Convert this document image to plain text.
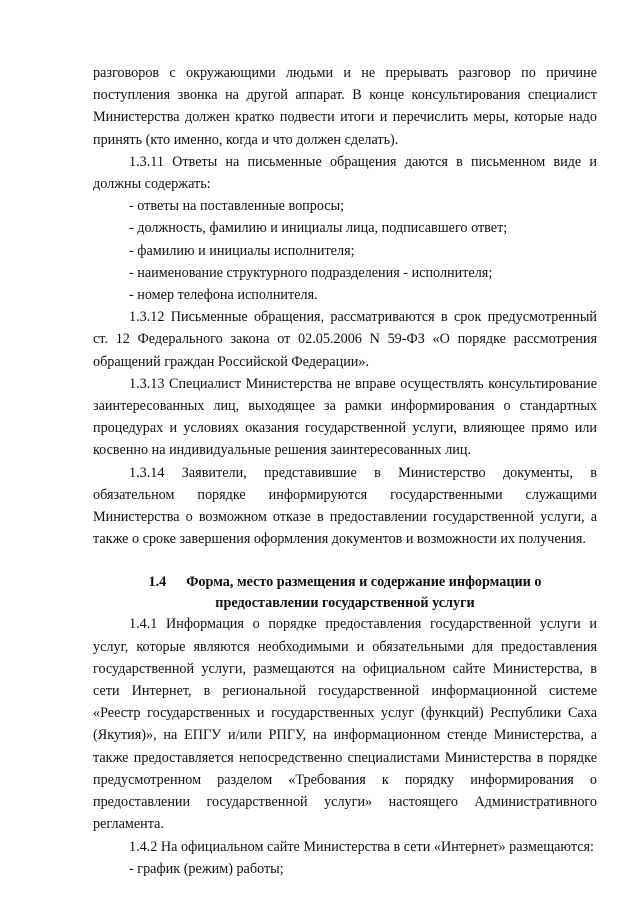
разговоров с окружающими людьми и не прерывать разговор по причине поступления звонка на другой аппарат. В конце консультирования специалист Министерства должен кратко подвести итоги и перечислить меры, которые надо принять (кто именно, когда и что должен сделать).

1.3.11 Ответы на письменные обращения даются в письменном виде и должны содержать:

- ответы на поставленные вопросы;

- должность, фамилию и инициалы лица, подписавшего ответ;

- фамилию и инициалы исполнителя;

- наименование структурного подразделения - исполнителя;

- номер телефона исполнителя.

1.3.12 Письменные обращения, рассматриваются в срок предусмотренный ст. 12 Федерального закона от 02.05.2006 N 59-ФЗ «О порядке рассмотрения обращений граждан Российской Федерации».

1.3.13 Специалист Министерства не вправе осуществлять консультирование заинтересованных лиц, выходящее за рамки информирования о стандартных процедурах и условиях оказания государственной услуги, влияющее прямо или косвенно на индивидуальные решения заинтересованных лиц.

1.3.14 Заявители, представившие в Министерство документы, в обязательном порядке информируются государственными служащими Министерства о возможном отказе в предоставлении государственной услуги, а также о сроке завершения оформления документов и возможности их получения.

1.4 Форма, место размещения и содержание информации о
предоставлении государственной услуги

1.4.1 Информация о порядке предоставления государственной услуги и услуг, которые являются необходимыми и обязательными для предоставления государственной услуги, размещаются на официальном сайте Министерства, в сети Интернет, в региональной государственной информационной системе «Реестр государственных и государственных услуг (функций) Республики Саха (Якутия)», на ЕПГУ и/или РПГУ, на информационном стенде Министерства, а также предоставляется непосредственно специалистами Министерства в порядке предусмотренном разделом «Требования к порядку информирования о предоставлении государственной услуги» настоящего Административного регламента.

1.4.2 На официальном сайте Министерства в сети «Интернет» размещаются:

- график (режим) работы;
